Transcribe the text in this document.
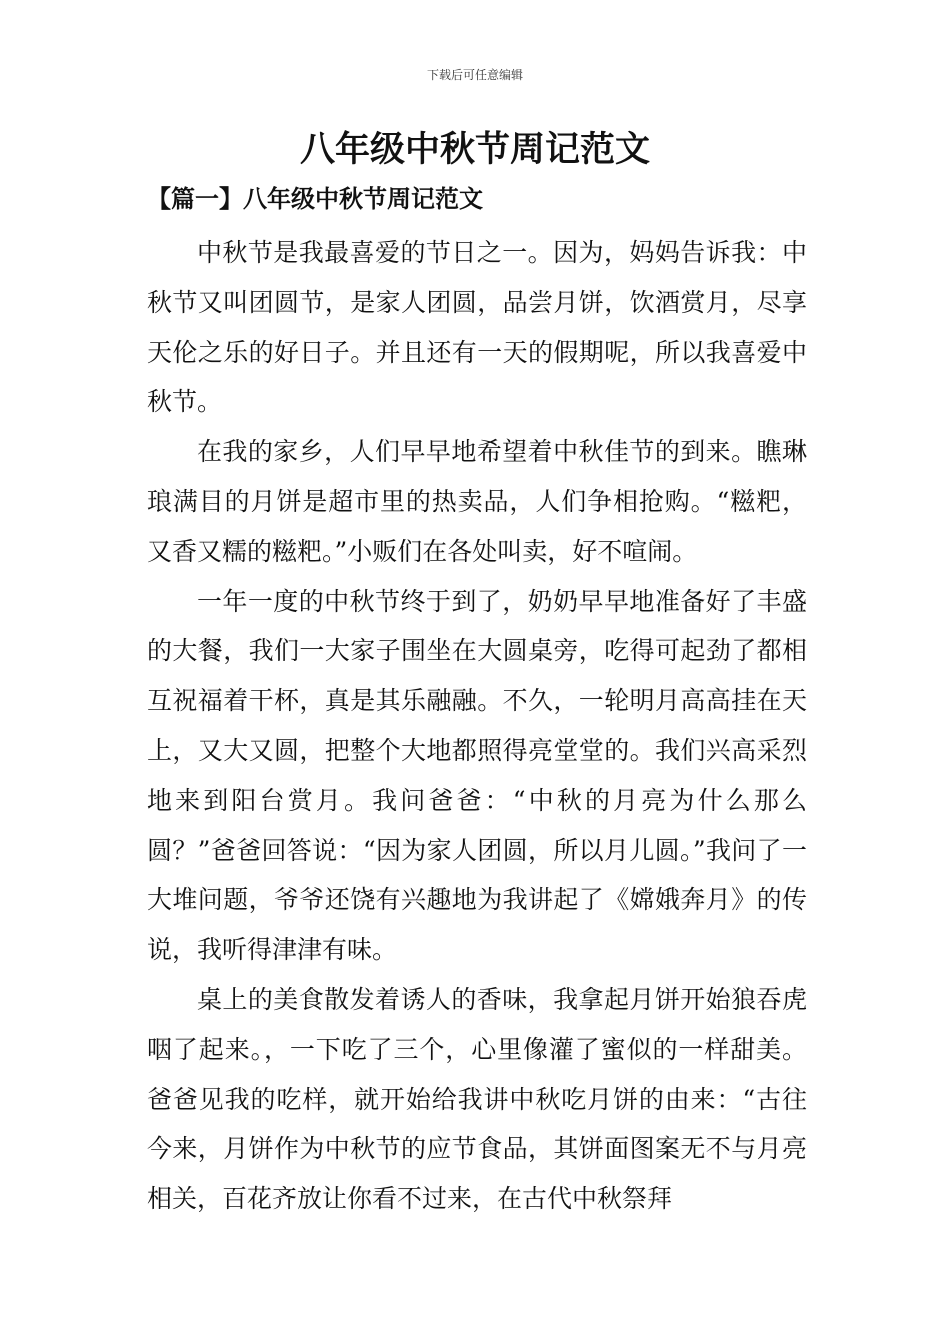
下载后可任意编辑
八年级中秋节周记范文
【篇一】八年级中秋节周记范文

中秋节是我最喜爱的节日之一。因为，妈妈告诉我：中秋节又叫团圆节，是家人团圆，品尝月饼，饮酒赏月，尽享天伦之乐的好日子。并且还有一天的假期呢，所以我喜爱中秋节。

在我的家乡，人们早早地希望着中秋佳节的到来。瞧琳琅满目的月饼是超市里的热卖品，人们争相抢购。“糍粑，又香又糯的糍粑。”小贩们在各处叫卖，好不喧闹。

一年一度的中秋节终于到了，奶奶早早地准备好了丰盛的大餐，我们一大家子围坐在大圆桌旁，吃得可起劲了都相互祝福着干杯，真是其乐融融。不久，一轮明月高高挂在天上，又大又圆，把整个大地都照得亮堂堂的。我们兴高采烈地来到阳台赏月。我问爸爸：“中秋的月亮为什么那么圆？”爸爸回答说：“因为家人团圆，所以月儿圆。”我问了一大堆问题，爷爷还饶有兴趣地为我讲起了《嫦娥奔月》的传说，我听得津津有味。

桌上的美食散发着诱人的香味，我拿起月饼开始狼吞虎咽了起来。，一下吃了三个，心里像灌了蜜似的一样甜美。爸爸见我的吃样，就开始给我讲中秋吃月饼的由来：“古往今来，月饼作为中秋节的应节食品，其饼面图案无不与月亮相关，百花齐放让你看不过来，在古代中秋祭拜
